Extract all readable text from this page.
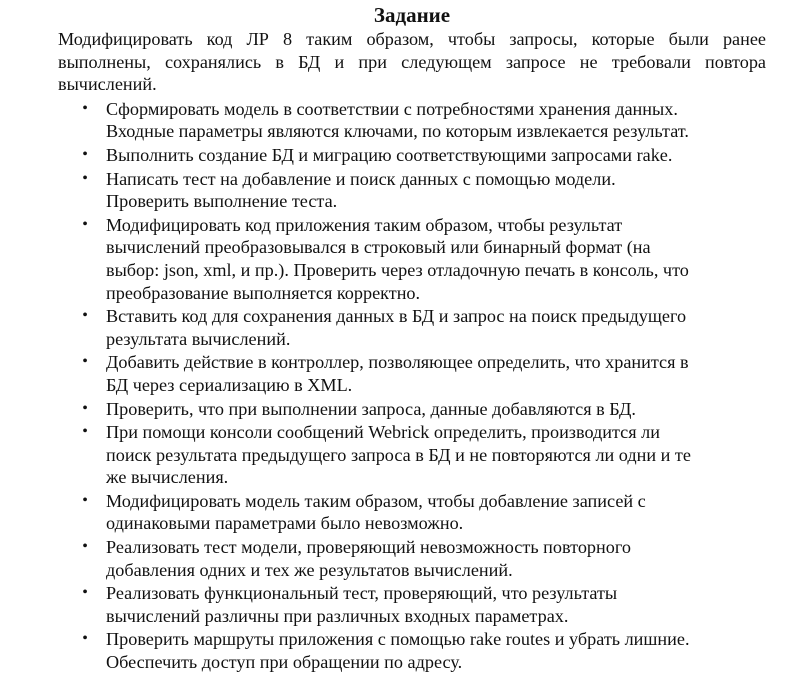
Задание

Модифицировать код ЛР 8 таким образом, чтобы запросы, которые были ранее выполнены, сохранялись в БД и при следующем запросе не требовали повтора вычислений.

• Сформировать модель в соответствии с потребностями хранения данных.
Входные параметры являются ключами, по которым извлекается результат.
• Выполнить создание БД и миграцию соответствующими запросами rake.
• Написать тест на добавление и поиск данных с помощью модели.
Проверить выполнение теста.
• Модифицировать код приложения таким образом, чтобы результат
вычислений преобразовывался в строковый или бинарный формат (на
выбор: json, xml, и пр.). Проверить через отладочную печать в консоль, что
преобразование выполняется корректно.
• Вставить код для сохранения данных в БД и запрос на поиск предыдущего
результата вычислений.
• Добавить действие в контроллер, позволяющее определить, что хранится в
БД через сериализацию в XML.
• Проверить, что при выполнении запроса, данные добавляются в БД.
• При помощи консоли сообщений Webrick определить, производится ли
поиск результата предыдущего запроса в БД и не повторяются ли одни и те
же вычисления.
• Модифицировать модель таким образом, чтобы добавление записей с
одинаковыми параметрами было невозможно.
• Реализовать тест модели, проверяющий невозможность повторного
добавления одних и тех же результатов вычислений.
• Реализовать функциональный тест, проверяющий, что результаты
вычислений различны при различных входных параметрах.
• Проверить маршруты приложения с помощью rake routes и убрать лишние.
Обеспечить доступ при обращении по адресу.
